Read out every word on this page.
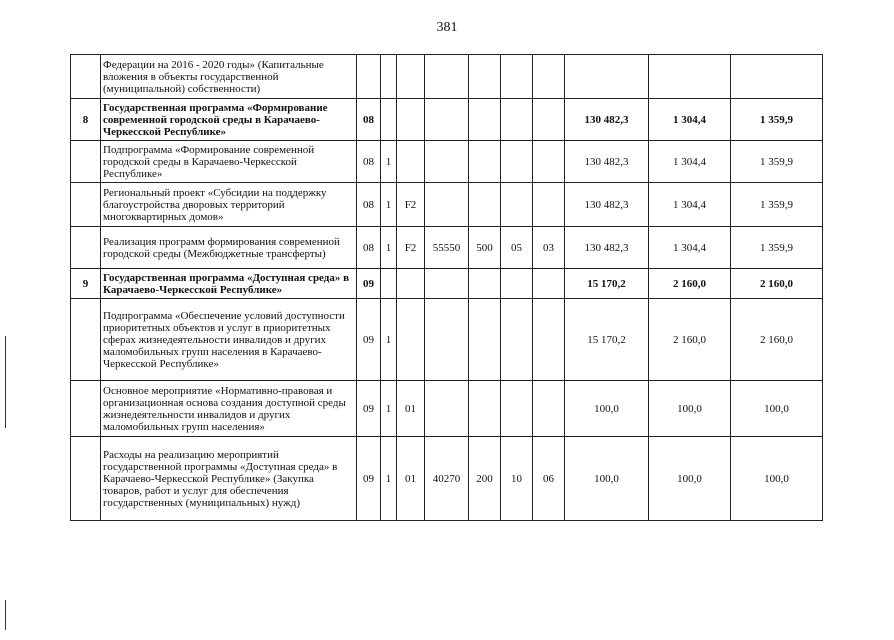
381
	Федерации на 2016 - 2020 годы» (Капитальные вложения в объекты государственной (муниципальной) собственности)										
8	Государственная программа «Формирование современной городской среды в Карачаево-Черкесской Республике»	08							130 482,3	1 304,4	1 359,9
	Подпрограмма «Формирование современной городской среды в Карачаево-Черкесской Республике»	08	1						130 482,3	1 304,4	1 359,9
	Региональный проект «Субсидии на поддержку благоустройства дворовых территорий многоквартирных домов»	08	1	F2					130 482,3	1 304,4	1 359,9
	Реализация программ формирования современной городской среды (Межбюджетные трансферты)	08	1	F2	55550	500	05	03	130 482,3	1 304,4	1 359,9
9	Государственная программа «Доступная среда» в Карачаево-Черкесской Республике»	09							15 170,2	2 160,0	2 160,0
	Подпрограмма «Обеспечение условий доступности приоритетных объектов и услуг в приоритетных сферах жизнедеятельности инвалидов и других маломобильных групп населения в Карачаево-Черкесской Республике»	09	1						15 170,2	2 160,0	2 160,0
	Основное мероприятие «Нормативно-правовая и организационная основа создания доступной среды жизнедеятельности инвалидов и других маломобильных групп населения»	09	1	01					100,0	100,0	100,0
	Расходы на реализацию мероприятий государственной программы «Доступная среда» в Карачаево-Черкесской Республике» (Закупка товаров, работ и услуг для обеспечения государственных (муниципальных) нужд)	09	1	01	40270	200	10	06	100,0	100,0	100,0
